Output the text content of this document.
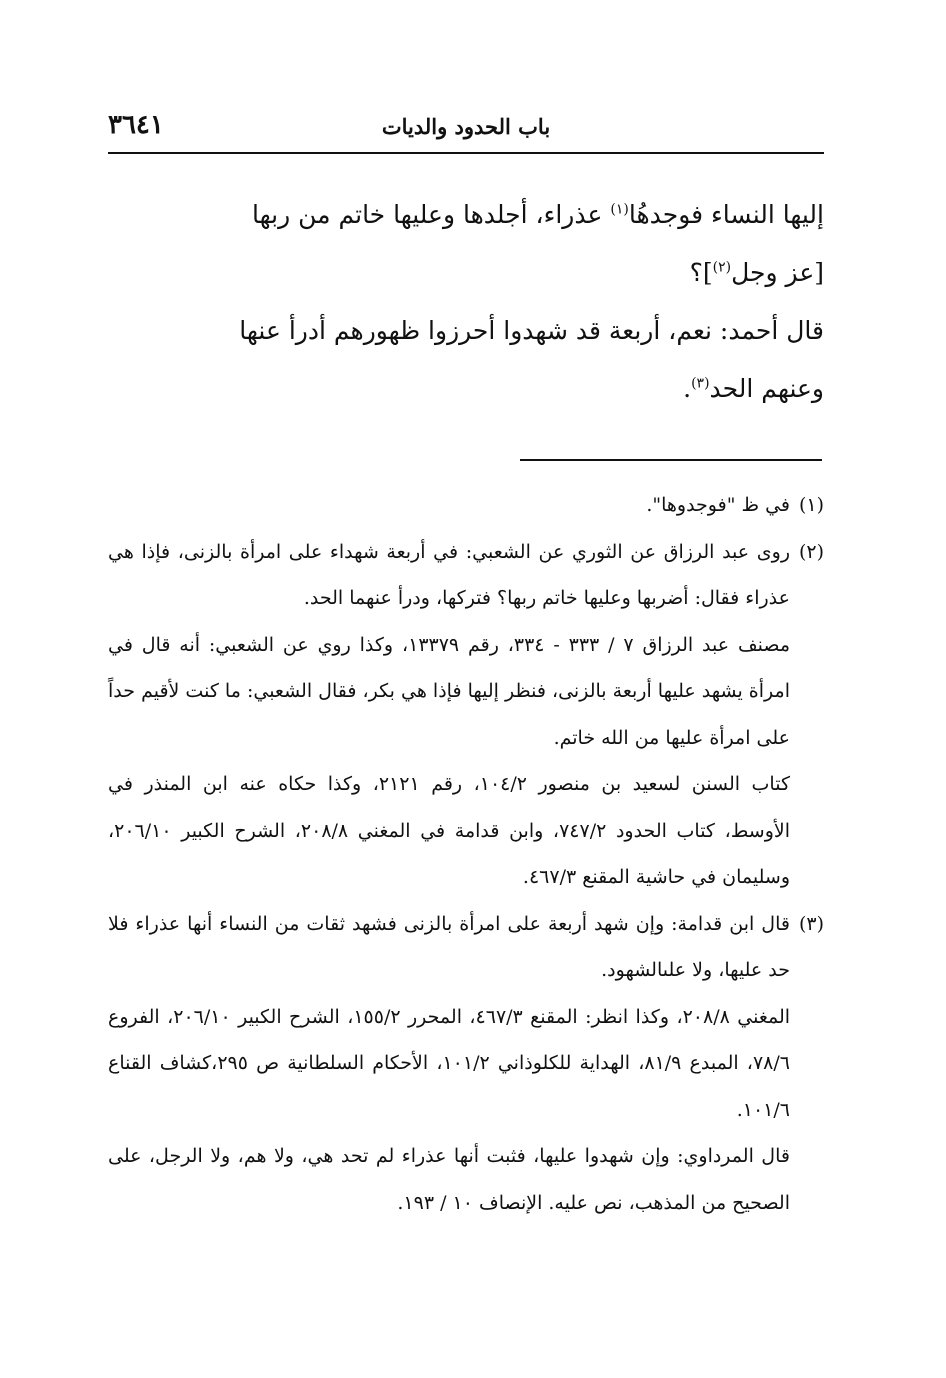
باب الحدود والديات
٣٦٤١

إليها النساء فوجدهُا$^{(١)}$ عذراء، أجلدها وعليها خاتم من ربها
[عز وجل$^{(٢)}$]؟

قال أحمد: نعم، أربعة قد شهدوا أحرزوا ظهورهم أدرأ عنها
وعنهم الحد$^{(٣)}$.

(١)
في ظ "فوجدوها".

(٢)
روى عبد الرزاق عن الثوري عن الشعبي: في أربعة شهداء على امرأة بالزنى، فإذا هي عذراء فقال: أضربها وعليها خاتم ربها؟ فتركها، ودرأ عنهما الحد.

مصنف عبد الرزاق ٧ / ٣٣٣ - ٣٣٤، رقم ١٣٣٧٩، وكذا روي عن الشعبي: أنه قال في امرأة يشهد عليها أربعة بالزنى، فنظر إليها فإذا هي بكر، فقال الشعبي: ما كنت لأقيم حداً على امرأة عليها من الله خاتم.

كتاب السنن لسعيد بن منصور ١٠٤/٢، رقم ٢١٢١، وكذا حكاه عنه ابن المنذر في الأوسط، كتاب الحدود ٧٤٧/٢، وابن قدامة في المغني ٢٠٨/٨، الشرح الكبير ٢٠٦/١٠، وسليمان في حاشية المقنع ٤٦٧/٣.

(٣)
قال ابن قدامة: وإن شهد أربعة على امرأة بالزنى فشهد ثقات من النساء أنها عذراء فلا حد عليها، ولا علىالشهود.

المغني ٢٠٨/٨، وكذا انظر: المقنع ٤٦٧/٣، المحرر ١٥٥/٢، الشرح الكبير ٢٠٦/١٠، الفروع ٧٨/٦، المبدع ٨١/٩، الهداية للكلوذاني ١٠١/٢، الأحكام السلطانية ص ٢٩٥،كشاف القناع ١٠١/٦.

قال المرداوي: وإن شهدوا عليها، فثبت أنها عذراء لم تحد هي، ولا هم، ولا الرجل، على الصحيح من المذهب، نص عليه. الإنصاف ١٠ / ١٩٣.
